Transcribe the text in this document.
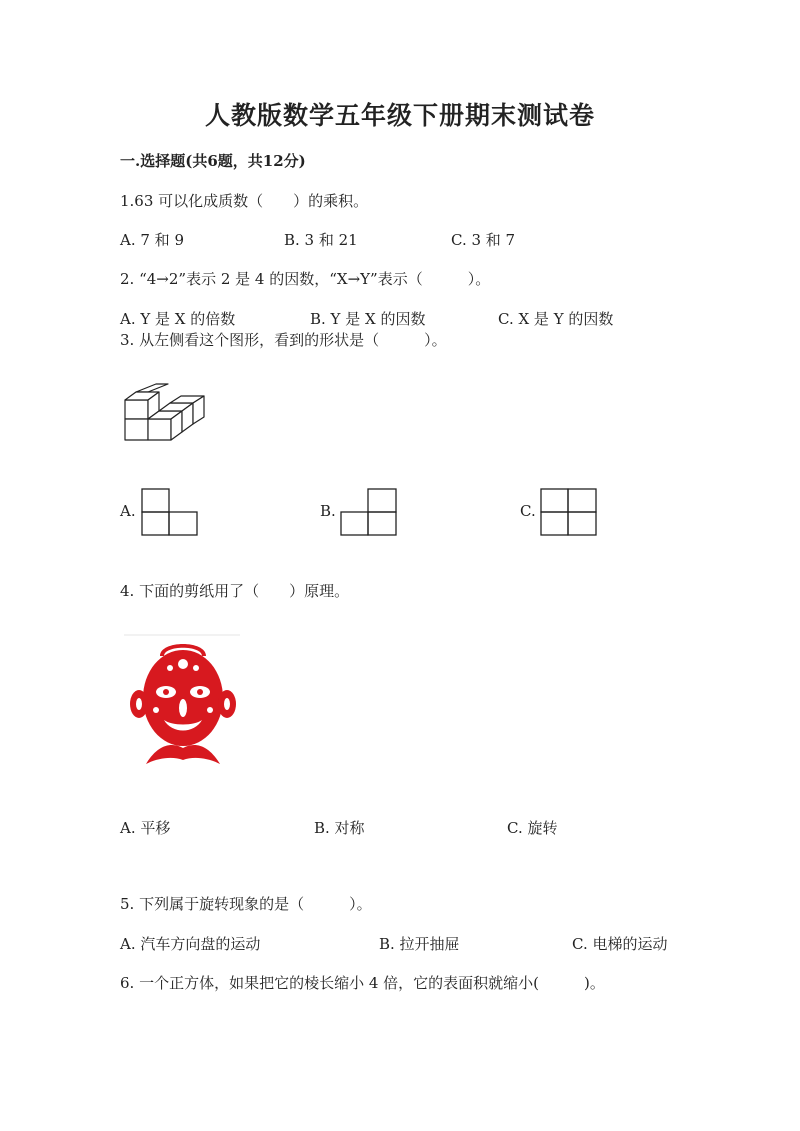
人教版数学五年级下册期末测试卷
一.选择题(共6题，共12分)
1.63 可以化成质数（　　）的乘积。
A. 7 和 9	B. 3 和 21	C. 3 和 7
2. “4→2”表示 2 是 4 的因数，“X→Y”表示（　　　）。
A. Y 是 X 的倍数	B. Y 是 X 的因数	C. X 是 Y 的因数
3. 从左侧看这个图形，看到的形状是（　　　）。
A.	B.	C.
4. 下面的剪纸用了（　　）原理。
A. 平移	B. 对称	C. 旋转
5. 下列属于旋转现象的是（　　　）。
A. 汽车方向盘的运动	B. 拉开抽屉	C. 电梯的运动
6. 一个正方体，如果把它的棱长缩小 4 倍，它的表面积就缩小(　　　)。
